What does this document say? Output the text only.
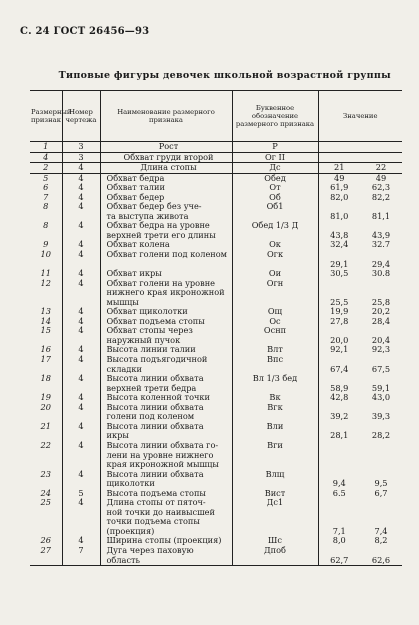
С. 24 ГОСТ 26456—93
Типовые фигуры девочек школьной возрастной группы
Размерный признак	Номер чертежа	Наименование размерного признака	Буквенное обозначение размерного признака	Значение	
1	3	Рост	Р		
4	3	Обхват груди второй	Ог II		
2	4	Длина стопы	Дс	21	22
5	4	Обхват бедра	Обед	49	49
6	4	Обхват талии	От	61,9	62,3
7	4	Обхват бедер	Об	82,0	82,2
8	4	Обхват бедер без уче-
та выступа живота	Об1	81,0	81,1
8	4	Обхват бедра на уровне
верхней трети его длины	Обед 1/3 Д	43,8	43,9
9	4	Обхват колена	Ок	32,4	32.7
10	4	Обхват голени под коленом	Огк	29,1	29,4
11	4	Обхват икры	Ои	30,5	30.8
12	4	Обхват голени на уровне
нижнего края икроножной
мышцы	Огн	25,5	25,8
13	4	Обхват щиколотки	Ощ	19,9	20,2
14	4	Обхват подъема стопы	Ос	27,8	28,4
15	4	Обхват стопы через
наружный пучок	Оснп	20,0	20,4
16	4	Высота линии талии	Влт	92,1	92,3
17	4	Высота подъягодичной
складки	Впс	67,4	67,5
18	4	Высота линии обхвата
верхней трети бедра	Вл 1/3 бед	58,9	59,1
19	4	Высота коленной точки	Вк	42,8	43,0
20	4	Высота линии обхвата
голени под коленом	Вгк	39,2	39,3
21	4	Высота линии обхвата
икры	Вли	28,1	28,2
22	4	Высота линии обхвата го-
лени на уровне нижнего
края икроножной мышцы	Вги		
23	4	Высота линии обхвата
щиколотки	Влщ	9,4	9,5
24	5	Высота подъема стопы	Вист	6.5	6,7
25	4	Длина стопы от пяточ-
ной точки до наивысшей
точки подъема стопы
(проекция)	Дс1	7,1	7,4
26	4	Ширина стопы (проекция)	Шс	8,0	8,2
27	7	Дуга через паховую
область	Дпоб	62,7	62,6
